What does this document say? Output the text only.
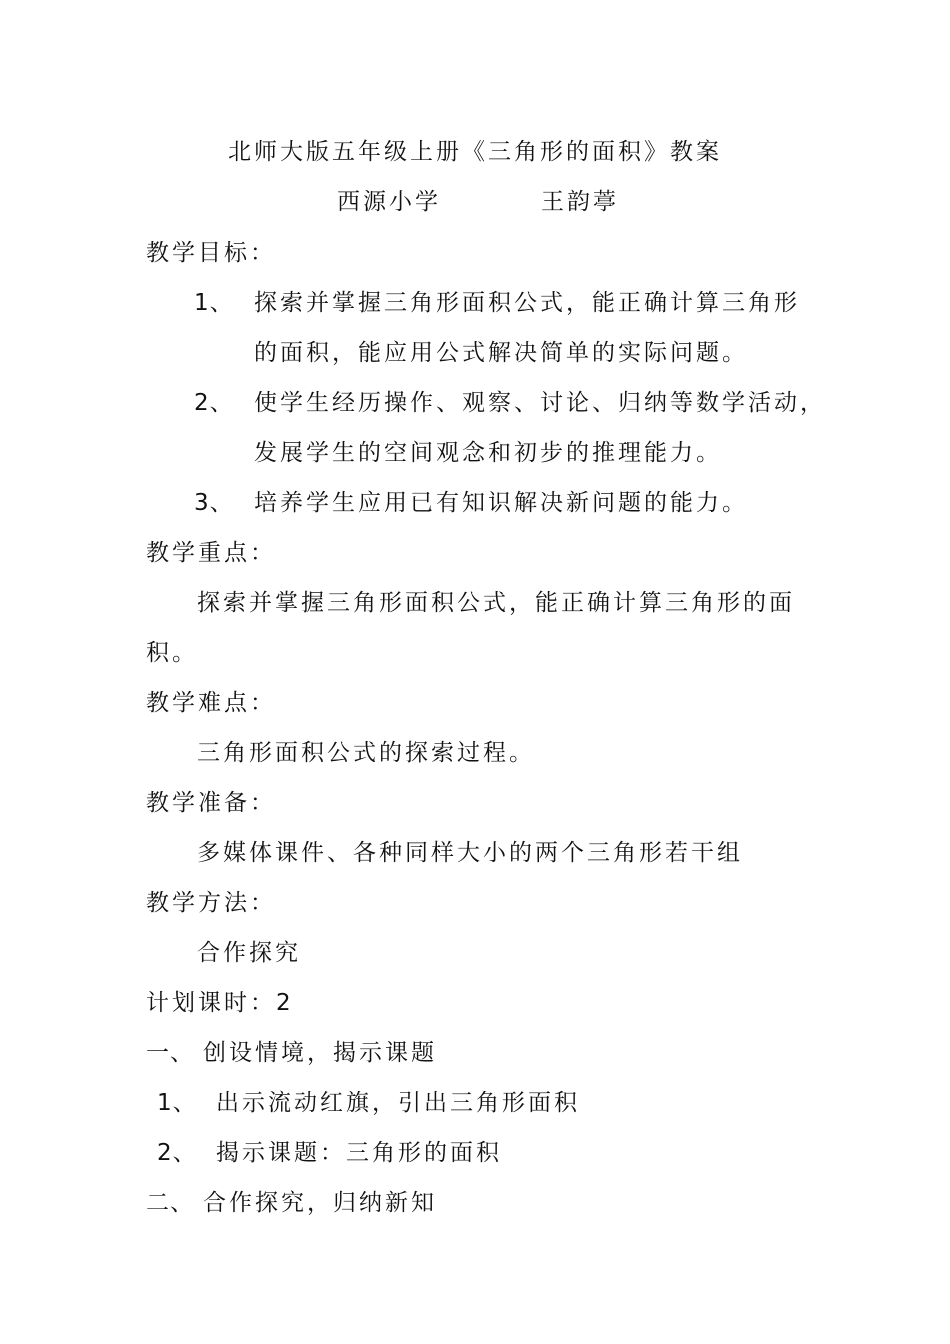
北师大版五年级上册《三角形的面积》教案
西源小学	王韵葶
教学目标：
1、 探索并掌握三角形面积公式，能正确计算三角形
的面积，能应用公式解决简单的实际问题。
2、 使学生经历操作、观察、讨论、归纳等数学活动，
发展学生的空间观念和初步的推理能力。
3、 培养学生应用已有知识解决新问题的能力。
教学重点：
探索并掌握三角形面积公式，能正确计算三角形的面
积。
教学难点：
三角形面积公式的探索过程。
教学准备：
多媒体课件、各种同样大小的两个三角形若干组
教学方法：
合作探究
计划课时：2
一、 创设情境，揭示课题
1、 出示流动红旗，引出三角形面积
2、 揭示课题：三角形的面积
二、 合作探究，归纳新知
